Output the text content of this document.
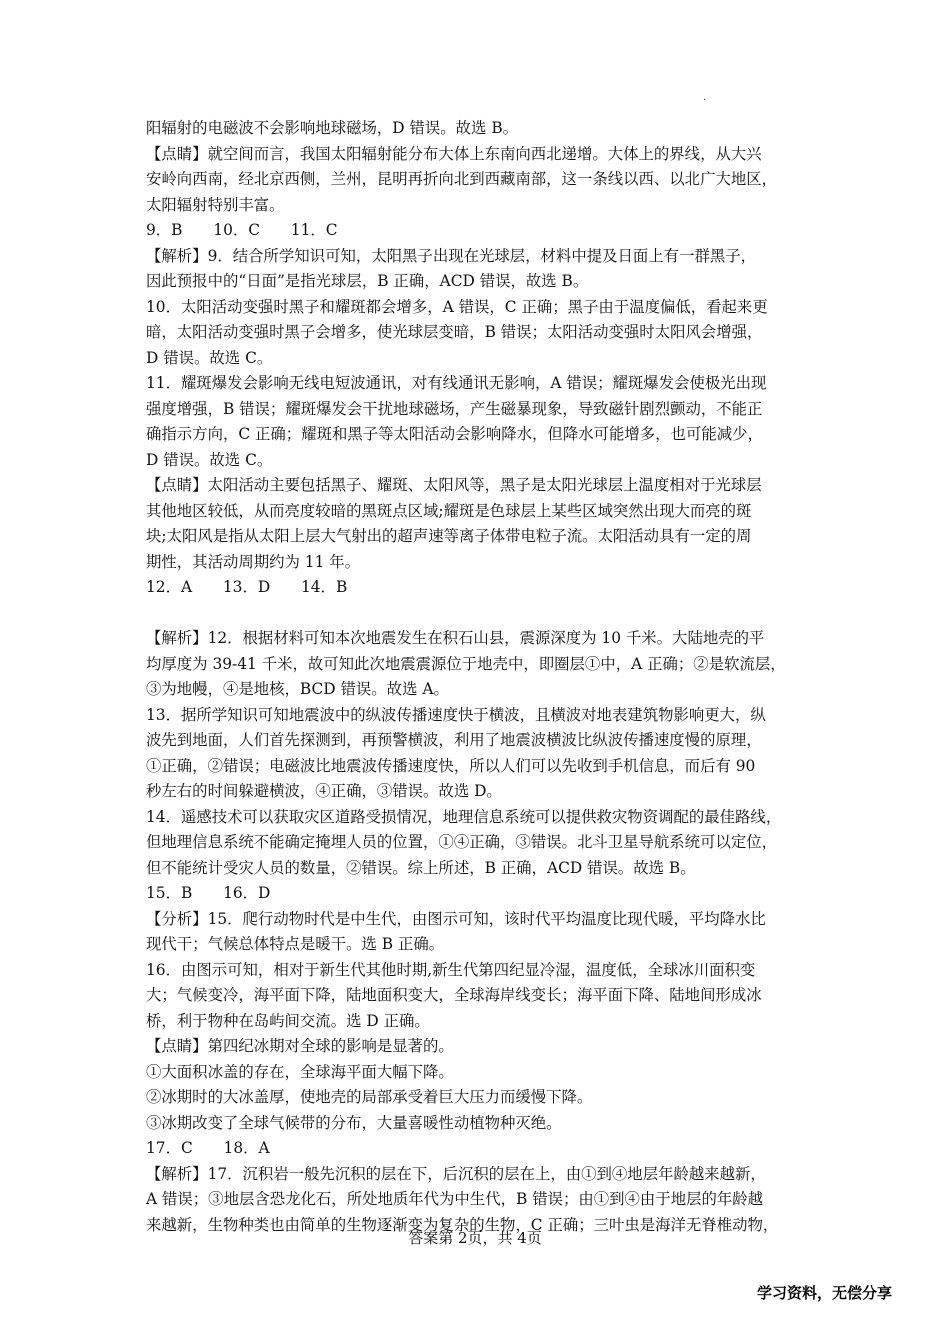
·
阳辐射的电磁波不会影响地球磁场，D 错误。故选 B。
【点睛】就空间而言，我国太阳辐射能分布大体上东南向西北递增。大体上的界线，从大兴
安岭向西南，经北京西侧，兰州，昆明再折向北到西藏南部，这一条线以西、以北广大地区，
太阳辐射特别丰富。
9．B　　10．C　　11．C
【解析】9．结合所学知识可知，太阳黑子出现在光球层，材料中提及日面上有一群黑子，
因此预报中的“日面”是指光球层，B 正确，ACD 错误，故选 B。
10．太阳活动变强时黑子和耀斑都会增多，A 错误，C 正确；黑子由于温度偏低，看起来更
暗，太阳活动变强时黑子会增多，使光球层变暗，B 错误；太阳活动变强时太阳风会增强，
D 错误。故选 C。
11．耀斑爆发会影响无线电短波通讯，对有线通讯无影响，A 错误；耀斑爆发会使极光出现
强度增强，B 错误；耀斑爆发会干扰地球磁场，产生磁暴现象，导致磁针剧烈颤动，不能正
确指示方向，C 正确；耀斑和黑子等太阳活动会影响降水，但降水可能增多，也可能减少，
D 错误。故选 C。
【点睛】太阳活动主要包括黑子、耀斑、太阳风等，黑子是太阳光球层上温度相对于光球层
其他地区较低，从而亮度较暗的黑斑点区域;耀斑是色球层上某些区域突然出现大而亮的斑
块;太阳风是指从太阳上层大气射出的超声速等离子体带电粒子流。太阳活动具有一定的周
期性，其活动周期约为 11 年。
12．A　　13．D　　14．B
【解析】12．根据材料可知本次地震发生在积石山县，震源深度为 10 千米。大陆地壳的平
均厚度为 39-41 千米，故可知此次地震震源位于地壳中，即圈层①中，A 正确；②是软流层，
③为地幔，④是地核，BCD 错误。故选 A。
13．据所学知识可知地震波中的纵波传播速度快于横波，且横波对地表建筑物影响更大，纵
波先到地面，人们首先探测到，再预警横波，利用了地震波横波比纵波传播速度慢的原理，
①正确，②错误；电磁波比地震波传播速度快，所以人们可以先收到手机信息，而后有 90
秒左右的时间躲避横波，④正确，③错误。故选 D。
14．遥感技术可以获取灾区道路受损情况，地理信息系统可以提供救灾物资调配的最佳路线，
但地理信息系统不能确定掩埋人员的位置，①④正确，③错误。北斗卫星导航系统可以定位，
但不能统计受灾人员的数量，②错误。综上所述，B 正确，ACD 错误。故选 B。
15．B　　16．D
【分析】15．爬行动物时代是中生代，由图示可知，该时代平均温度比现代暖，平均降水比
现代干；气候总体特点是暖干。选 B 正确。
16．由图示可知，相对于新生代其他时期,新生代第四纪显冷湿，温度低，全球冰川面积变
大；气候变冷，海平面下降，陆地面积变大，全球海岸线变长；海平面下降、陆地间形成冰
桥，利于物种在岛屿间交流。选 D 正确。
【点睛】第四纪冰期对全球的影响是显著的。
①大面积冰盖的存在，全球海平面大幅下降。
②冰期时的大冰盖厚，使地壳的局部承受着巨大压力而缓慢下降。
③冰期改变了全球气候带的分布，大量喜暖性动植物种灭绝。
17．C　　18．A
【解析】17．沉积岩一般先沉积的层在下，后沉积的层在上，由①到④地层年龄越来越新，
A 错误；③地层含恐龙化石，所处地质年代为中生代，B 错误；由①到④由于地层的年龄越
来越新，生物种类也由简单的生物逐渐变为复杂的生物，C 正确；三叶虫是海洋无脊椎动物，
答案第 2页，共 4页
学习资料，无偿分享
